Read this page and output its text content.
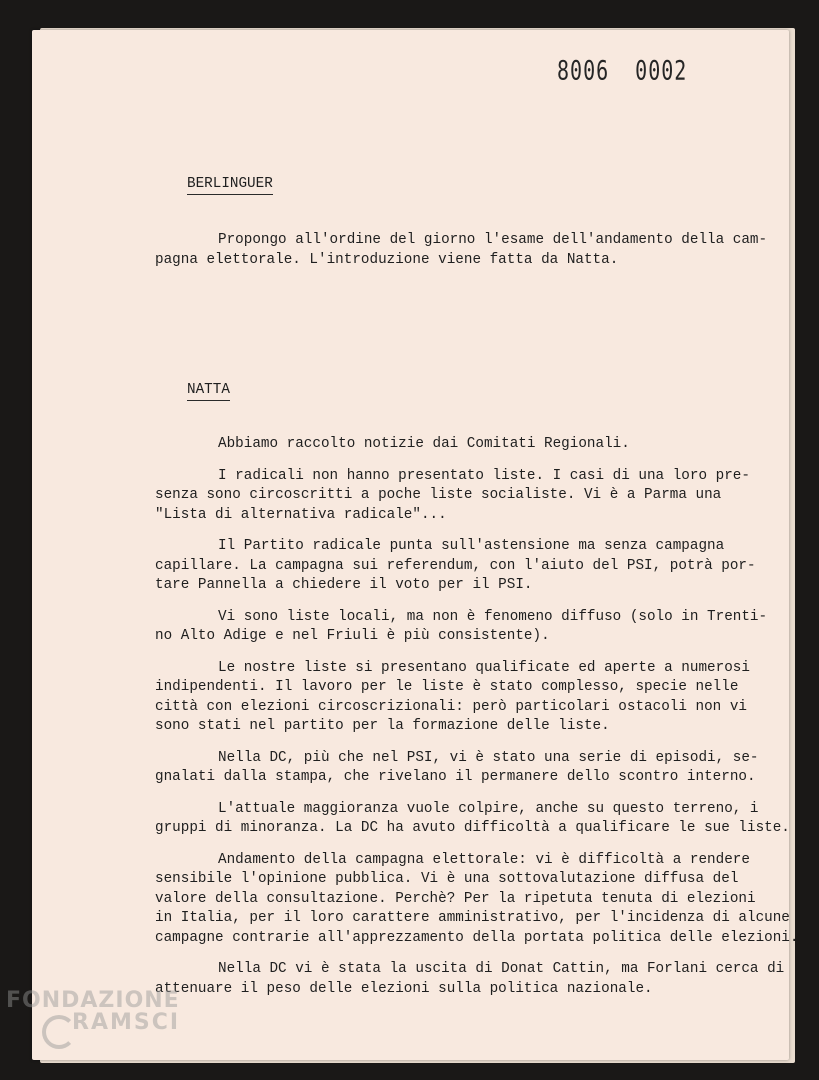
8006 0002
BERLINGUER

Propongo all'ordine del giorno l'esame dell'andamento della cam-
pagna elettorale. L'introduzione viene fatta da Natta.

NATTA

Abbiamo raccolto notizie dai Comitati Regionali.

I radicali non hanno presentato liste. I casi di una loro pre-
senza sono circoscritti a poche liste socialiste. Vi è a Parma una
"Lista di alternativa radicale"...

Il Partito radicale punta sull'astensione ma senza campagna
capillare. La campagna sui referendum, con l'aiuto del PSI, potrà por-
tare Pannella a chiedere il voto per il PSI.

Vi sono liste locali, ma non è fenomeno diffuso (solo in Trenti-
no Alto Adige e nel Friuli è più consistente).

Le nostre liste si presentano qualificate ed aperte a numerosi
indipendenti. Il lavoro per le liste è stato complesso, specie nelle
città con elezioni circoscrizionali: però particolari ostacoli non vi
sono stati nel partito per la formazione delle liste.

Nella DC, più che nel PSI, vi è stato una serie di episodi, se-
gnalati dalla stampa, che rivelano il permanere dello scontro interno.

L'attuale maggioranza vuole colpire, anche su questo terreno, i
gruppi di minoranza. La DC ha avuto difficoltà a qualificare le sue liste.

Andamento della campagna elettorale: vi è difficoltà a rendere
sensibile l'opinione pubblica. Vi è una sottovalutazione diffusa del
valore della consultazione. Perchè? Per la ripetuta tenuta di elezioni
in Italia, per il loro carattere amministrativo, per l'incidenza di alcune
campagne contrarie all'apprezzamento della portata politica delle elezioni.

Nella DC vi è stata la uscita di Donat Cattin, ma Forlani cerca di
attenuare il peso delle elezioni sulla politica nazionale.

FONDAZIONE
RAMSCI
